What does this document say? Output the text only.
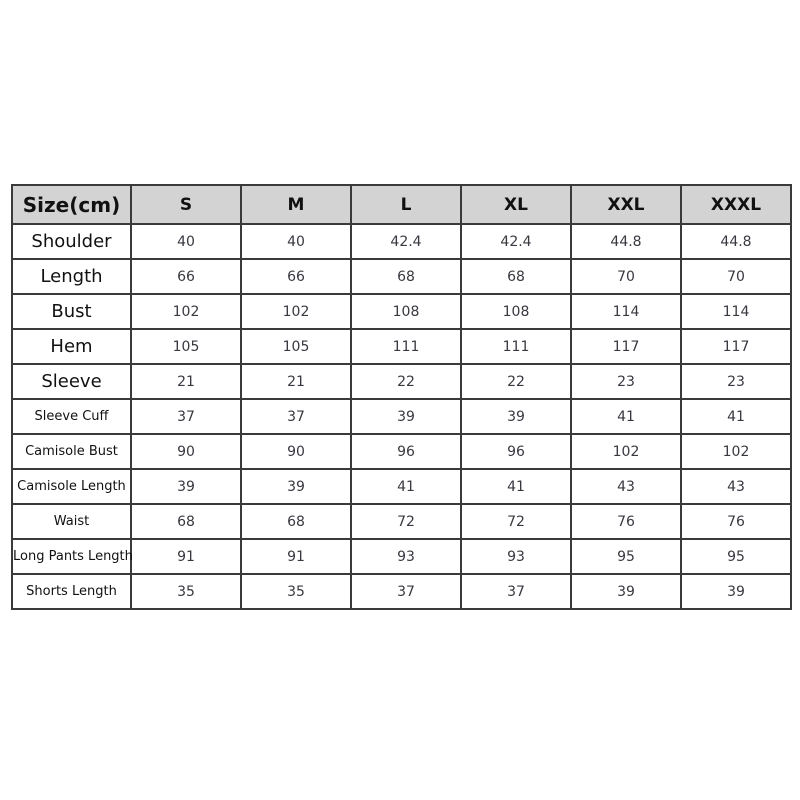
Size(cm)	S	M	L	XL	XXL	XXXL
Shoulder	40	40	42.4	42.4	44.8	44.8
Length	66	66	68	68	70	70
Bust	102	102	108	108	114	114
Hem	105	105	111	111	117	117
Sleeve	21	21	22	22	23	23
Sleeve Cuff	37	37	39	39	41	41
Camisole Bust	90	90	96	96	102	102
Camisole Length	39	39	41	41	43	43
Waist	68	68	72	72	76	76
Long Pants Length	91	91	93	93	95	95
Shorts Length	35	35	37	37	39	39
